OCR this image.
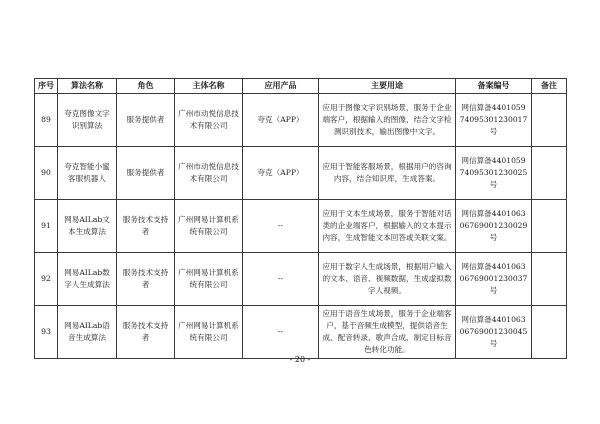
序号	算法名称	角色	主体名称	应用产品	主要用途	备案编号	备注
89	夸克图像文字识别算法	服务提供者	广州市动悦信息技术有限公司	夸克（APP）	应用于图像文字识别场景，服务于企业端客户，根据输入的图像，结合文字检测识别技术，输出图像中文字。	网信算备440105974095301230017号	
90	夸克智能小蜜客服机器人	服务提供者	广州市动悦信息技术有限公司	夸克（APP）	应用于智能客服场景，根据用户的咨询内容，结合知识库，生成答案。	网信算备440105974095301230025号	
91	网易AILab文本生成算法	服务技术支持者	广州网易计算机系统有限公司	--	应用于文本生成场景，服务于智能对话类的企业端客户，根据输入的文本提示内容，生成智能文本回答或关联文案。	网信算备440106306769001230029号	
92	网易AILab数字人生成算法	服务技术支持者	广州网易计算机系统有限公司	--	应用于数字人生成场景，根据用户输入的文本、语音、视频数据，生成虚拟数字人视频。	网信算备440106306769001230037号	
93	网易AILab语音生成算法	服务技术支持者	广州网易计算机系统有限公司	--	应用于语音生成场景，服务于企业端客户，基于音频生成模型，提供语音生成、配音转录、歌声合成、制定目标音色转化功能。	网信算备440106306769001230045号	
- 20 -
